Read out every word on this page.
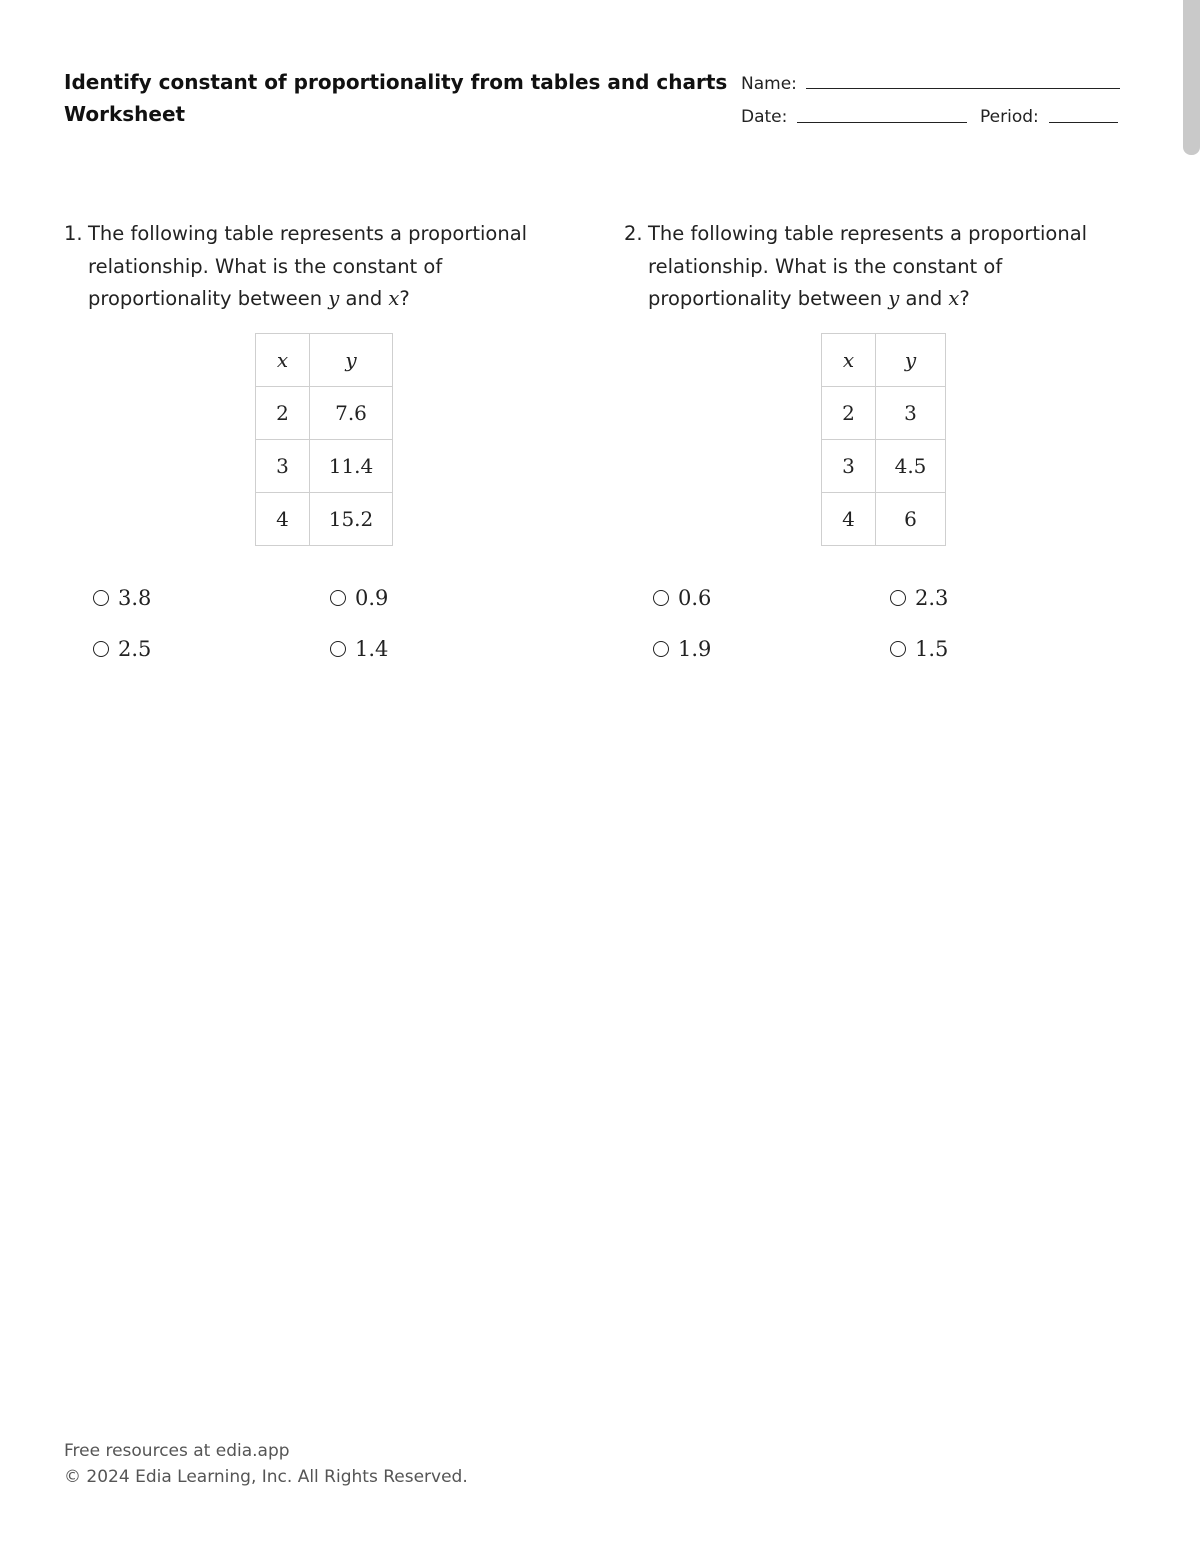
Identify constant of proportionality from tables and charts
Worksheet
Name:
Date:	Period:
1. The following table represents a proportional relationship. What is the constant of proportionality between y and x?
x	y
2	7.6
3	11.4
4	15.2
3.8	0.9
2.5	1.4
2. The following table represents a proportional relationship. What is the constant of proportionality between y and x?
x	y
2	3
3	4.5
4	6
0.6	2.3
1.9	1.5
Free resources at edia.app
© 2024 Edia Learning, Inc. All Rights Reserved.
